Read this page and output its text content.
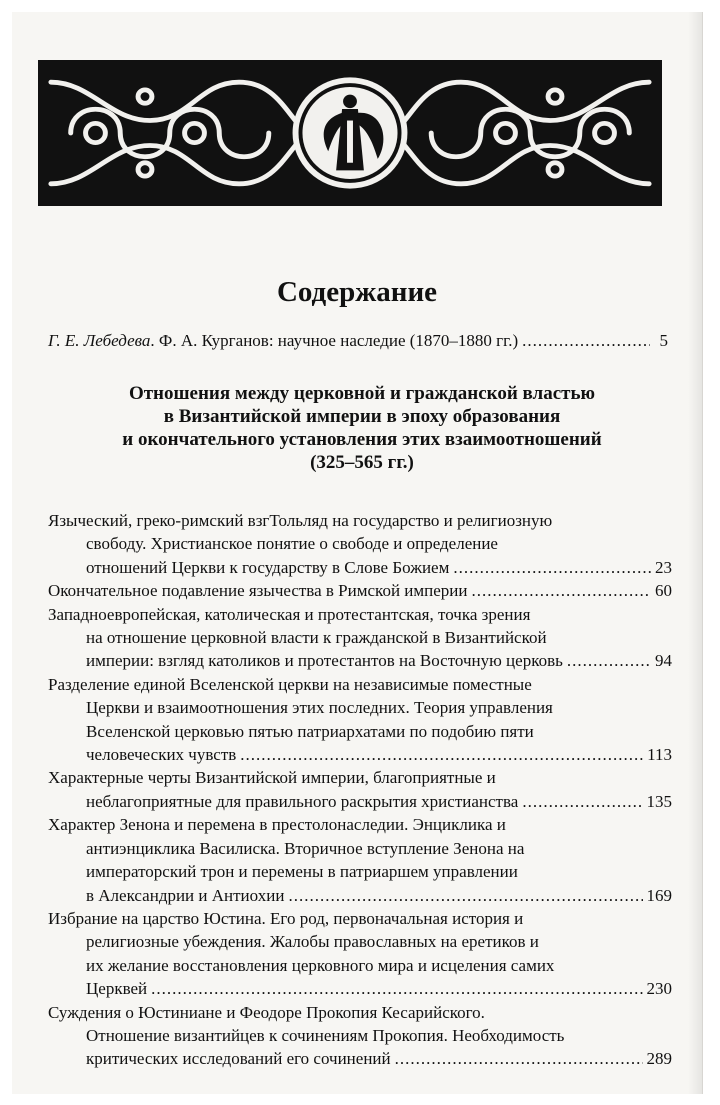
Содержание
Г. Е. Лебедева . Ф. А. Курганов: научное наследие (1870–1880 гг.) .....	5
Отношения между церковной и гражданской властью
в Византийской империи в эпоху образования
и окончательного установления этих взаимоотношений
(325–565 гг.)
Языческий, греко-римский взгТольляд на государство и религиозную
свободу. Христианское понятие о свободе и определение
отношений Церкви к государству в Слове Божием .....	23
Окончательное подавление язычества в Римской империи .....	60
Западноевропейская, католическая и протестантская, точка зрения
на отношение церковной власти к гражданской в Византийской
империи: взгляд католиков и протестантов на Восточную церковь .....	94
Разделение единой Вселенской церкви на независимые поместные
Церкви и взаимоотношения этих последних. Теория управления
Вселенской церковью пятью патриархатами по подобию пяти
человеческих чувств .....	113
Характерные черты Византийской империи, благоприятные и
неблагоприятные для правильного раскрытия христианства .....	135
Характер Зенона и перемена в престолонаследии. Энциклика и
антиэнциклика Василиска. Вторичное вступление Зенона на
императорский трон и перемены в патриаршем управлении
в Александрии и Антиохии .....	169
Избрание на царство Юстина. Его род, первоначальная история и
религиозные убеждения. Жалобы православных на еретиков и
их желание восстановления церковного мира и исцеления самих
Церквей .....	230
Суждения о Юстиниане и Феодоре Прокопия Кесарийского.
Отношение византийцев к сочинениям Прокопия. Необходимость
критических исследований его сочинений .....	289
